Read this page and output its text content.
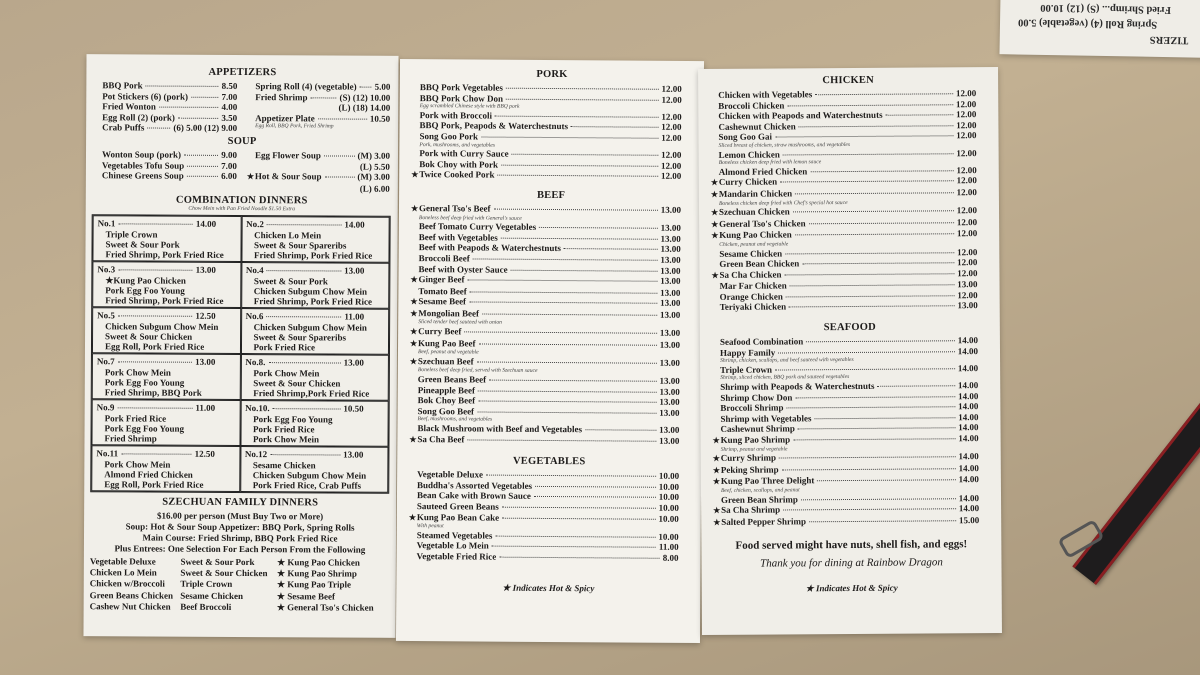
Fried Shrimp... (S) (12) 10.00
Spring Roll (4) (vegetable) 5.00
TIZERS
APPETIZERS
BBQ Pork	8.50
Pot Stickers (6) (pork)	7.00
Fried Wonton	4.00
Egg Roll (2) (pork)	3.50
Crab Puffs	(6) 5.00 (12) 9.00
Spring Roll (4) (vegetable) 5.00
Fried Shrimp	(S) (12) 10.00
(L) (18) 14.00
Appetizer Plate	10.50
Egg Roll, BBQ Pork, Fried Shrimp
SOUP
Wonton Soup (pork)	9.00
Vegetables Tofu Soup	7.00
Chinese Greens Soup	6.00
Egg Flower Soup	(M) 3.00
(L) 5.50
★ Hot & Sour Soup	(M) 3.00
(L) 6.00
COMBINATION DINNERS
Chow Mein with Pan Fried Noodle $1.50 Extra
No.1	14.00
Triple Crown
Sweet & Sour Pork
Fried Shrimp, Pork Fried Rice
No.2	14.00
Chicken Lo Mein
Sweet & Sour Spareribs
Fried Shrimp, Pork Fried Rice
No.3	13.00
★Kung Pao Chicken
Pork Egg Foo Young
Fried Shrimp, Pork Fried Rice
No.4	13.00
Sweet & Sour Pork
Chicken Subgum Chow Mein
Fried Shrimp, Pork Fried Rice
No.5	12.50
Chicken Subgum Chow Mein
Sweet & Sour Chicken
Egg Roll, Pork Fried Rice
No.6	11.00
Chicken Subgum Chow Mein
Sweet & Sour Spareribs
Pork Fried Rice
No.7	13.00
Pork Chow Mein
Pork Egg Foo Young
Fried Shrimp, BBQ Pork
No.8.	13.00
Pork Chow Mein
Sweet & Sour Chicken
Fried Shrimp,Pork Fried Rice
No.9	11.00
Pork Fried Rice
Pork Egg Foo Young
Fried Shrimp
No.10.	10.50
Pork Egg Foo Young
Pork Fried Rice
Pork Chow Mein
No.11	12.50
Pork Chow Mein
Almond Fried Chicken
Egg Roll, Pork Fried Rice
No.12	13.00
Sesame Chicken
Chicken Subgum Chow Mein
Pork Fried Rice, Crab Puffs
SZECHUAN FAMILY DINNERS
$16.00 per person (Must Buy Two or More)
Soup: Hot & Sour Soup Appetizer: BBQ Pork, Spring Rolls
Main Course: Fried Shrimp, BBQ Pork Fried Rice
Plus Entrees: One Selection For Each Person From the Following
Vegetable Deluxe
Chicken Lo Mein
Chicken w/Broccoli
Green Beans Chicken
Cashew Nut Chicken
Sweet & Sour Pork
Sweet & Sour Chicken
Triple Crown
Sesame Chicken
Beef Broccoli
★ Kung Pao Chicken
★ Kung Pao Shrimp
★ Kung Pao Triple
★ Sesame Beef
★ General Tso's Chicken
PORK
BBQ Pork Vegetables	12.00
BBQ Pork Chow Don	12.00
Egg scrambled Chinese style with BBQ pork
Pork with Broccoli	12.00
BBQ Pork, Peapods & Waterchestnuts	12.00
Song Goo Pork	12.00
Pork, mushrooms, and vegetables
Pork with Curry Sauce	12.00
Bok Choy with Pork	12.00
★ Twice Cooked Pork	12.00
BEEF
★ General Tso's Beef	13.00
Boneless beef deep fried with General's sauce
Beef Tomato Curry Vegetables	13.00
Beef with Vegetables	13.00
Beef with Peapods & Waterchestnuts	13.00
Broccoli Beef	13.00
Beef with Oyster Sauce	13.00
★ Ginger Beef	13.00
Tomato Beef	13.00
★ Sesame Beef	13.00
★ Mongolian Beef	13.00
Sliced tender beef sauteed with onion
★ Curry Beef	13.00
★ Kung Pao Beef	13.00
Beef, peanut and vegetable
★ Szechuan Beef	13.00
Boneless beef deep fried, served with Szechuan sauce
Green Beans Beef	13.00
Pineapple Beef	13.00
Bok Choy Beef	13.00
Song Goo Beef	13.00
Beef, mushrooms, and vegetables
Black Mushroom with Beef and Vegetables	13.00
★ Sa Cha Beef	13.00
VEGETABLES
Vegetable Deluxe	10.00
Buddha's Assorted Vegetables	10.00
Bean Cake with Brown Sauce	10.00
Sauteed Green Beans	10.00
★ Kung Pao Bean Cake	10.00
With peanut
Steamed Vegetables	10.00
Vegetable Lo Mein	11.00
Vegetable Fried Rice	8.00
★ Indicates Hot & Spicy
CHICKEN
Chicken with Vegetables	12.00
Broccoli Chicken	12.00
Chicken with Peapods and Waterchestnuts	12.00
Cashewnut Chicken	12.00
Song Goo Gai	12.00
Sliced breast of chicken, straw mushrooms, and vegetables
Lemon Chicken	12.00
Boneless chicken deep fried with lemon sauce
Almond Fried Chicken	12.00
★ Curry Chicken	12.00
★ Mandarin Chicken	12.00
Boneless chicken deep fried with Chef's special hot sauce
★ Szechuan Chicken	12.00
★ General Tso's Chicken	12.00
★ Kung Pao Chicken	12.00
Chicken, peanut and vegetable
Sesame Chicken	12.00
Green Bean Chicken	12.00
★ Sa Cha Chicken	12.00
Mar Far Chicken	13.00
Orange Chicken	12.00
Teriyaki Chicken	13.00
SEAFOOD
Seafood Combination	14.00
Happy Family	14.00
Shrimp, chicken, scallops, and beef sauteed with vegetables
Triple Crown	14.00
Shrimp, sliced chicken, BBQ pork and sauteed vegetables
Shrimp with Peapods & Waterchestnuts	14.00
Shrimp Chow Don	14.00
Broccoli Shrimp	14.00
Shrimp with Vegetables	14.00
Cashewnut Shrimp	14.00
★ Kung Pao Shrimp	14.00
Shrimp, peanut and vegetable
★ Curry Shrimp	14.00
★ Peking Shrimp	14.00
★ Kung Pao Three Delight	14.00
Beef, chicken, scallops, and peanut
Green Bean Shrimp	14.00
★ Sa Cha Shrimp	14.00
★ Salted Pepper Shrimp	15.00
Food served might have nuts, shell fish, and eggs!
Thank you for dining at Rainbow Dragon
★ Indicates Hot & Spicy
